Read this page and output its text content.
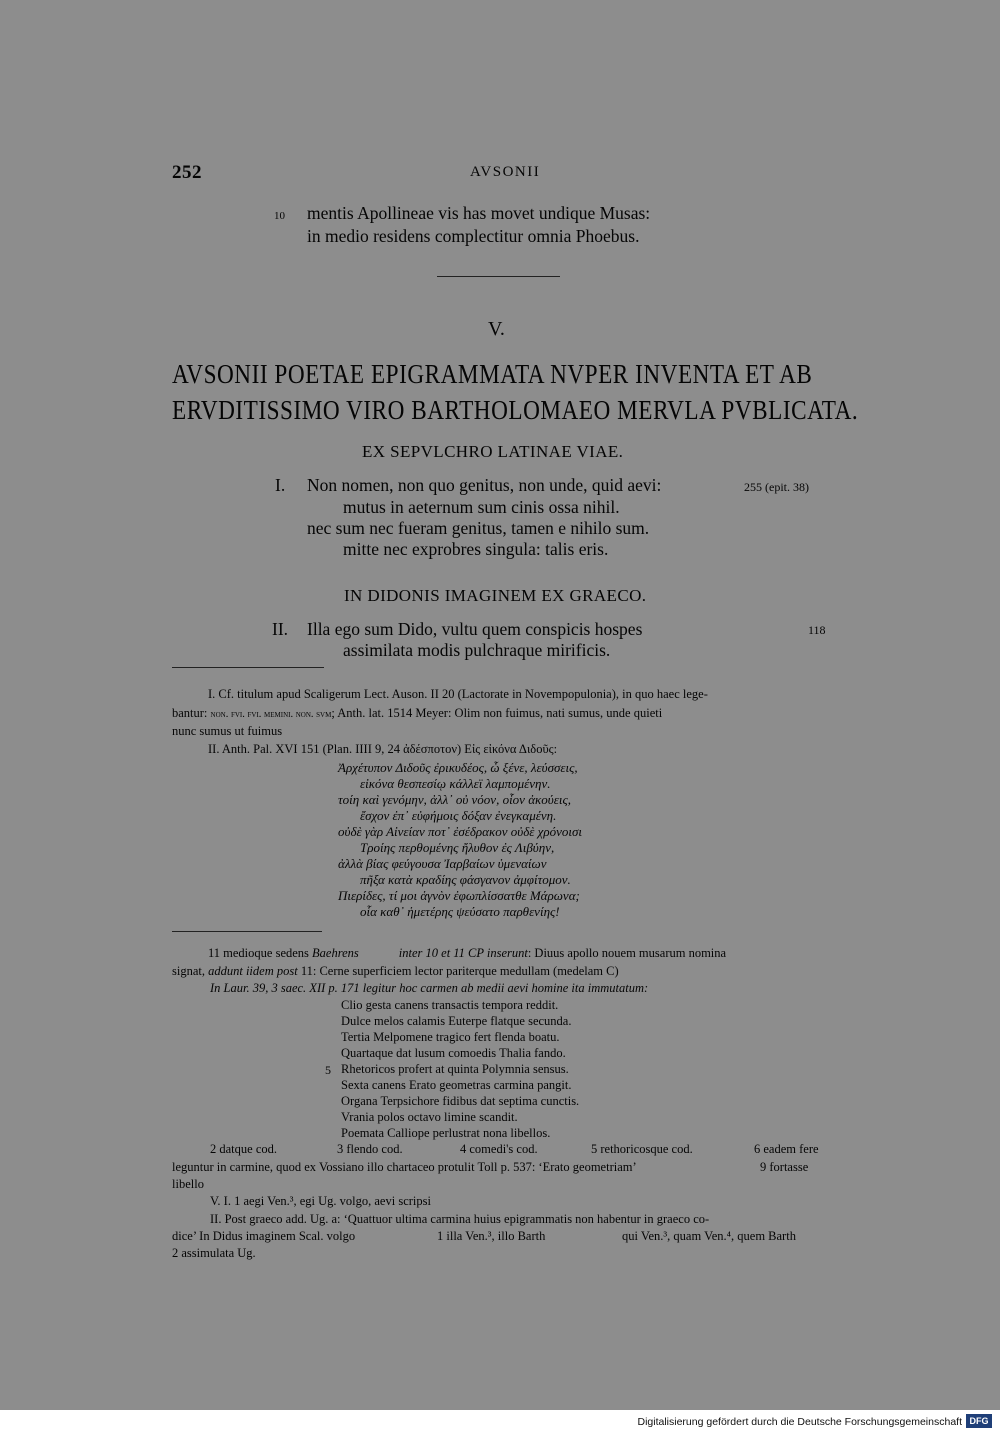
252	AVSONII
10 mentis Apollineae vis has movet undique Musas:
in medio residens complectitur omnia Phoebus.
V.
AVSONII POETAE EPIGRAMMATA NVPER INVENTA ET AB
ERVDITISSIMO VIRO BARTHOLOMAEO MERVLA PVBLICATA.
EX SEPVLCHRO LATINAE VIAE.
I. Non nomen, non quo genitus, non unde, quid aevi:	255 (epit. 38)
mutus in aeternum sum cinis ossa nihil.
nec sum nec fueram genitus, tamen e nihilo sum.
mitte nec exprobres singula: talis eris.
IN DIDONIS IMAGINEM EX GRAECO.
II. Illa ego sum Dido, vultu quem conspicis hospes	118
assimilata modis pulchraque mirificis.
I. Cf. titulum apud Scaligerum Lect. Auson. II 20 (Lactorate in Novempopulonia), in quo haec lege-
bantur: non. fvi. fvi. memini. non. svm; Anth. lat. 1514 Meyer: Olim non fuimus, nati sumus, unde quieti
nunc sumus ut fuimus
II. Anth. Pal. XVI 151 (Plan. IIII 9, 24 ἀδέσποτον) Εἰς εἰκόνα Διδοῦς:
Ἀρχέτυπον Διδοῦς ἐρικυδέος, ὦ ξένε, λεύσσεις,
εἰκόνα θεσπεσίῳ κάλλεϊ λαμπομένην.
τοίη καὶ γενόμην, ἀλλ᾽ οὐ νόον, οἷον ἀκούεις,
ἔσχον ἐπ᾽ εὐφήμοις δόξαν ἐνεγκαμένη.
οὐδὲ γὰρ Αἰνείαν ποτ᾽ ἐσέδρακον οὐδὲ χρόνοισι
Τροίης περθομένης ἤλυθον ἐς Λιβύην,
ἀλλὰ βίας φεύγουσα Ἰαρβαίων ὑμεναίων
πῆξα κατὰ κραδίης φάσγανον ἀμφίτομον.
Πιερίδες, τί μοι ἁγνὸν ἐφωπλίσσατθε Μάρωνα;
οἷα καθ᾽ ἡμετέρης ψεύσατο παρθενίης!
11 medioque sedens Baehrens	inter 10 et 11 CP inserunt: Diuus apollo nouem musarum nomina
signat, addunt iidem post 11: Cerne superficiem lector pariterque medullam (medelam C)
In Laur. 39, 3 saec. XII p. 171 legitur hoc carmen ab medii aevi homine ita immutatum:
Clio gesta canens transactis tempora reddit.
Dulce melos calamis Euterpe flatque secunda.
Tertia Melpomene tragico fert flenda boatu.
Quartaque dat lusum comoedis Thalia fando.
5 Rhetoricos profert at quinta Polymnia sensus.
Sexta canens Erato geometras carmina pangit.
Organa Terpsichore fidibus dat septima cunctis.
Vrania polos octavo limine scandit.
Poemata Calliope perlustrat nona libellos.
2 datque cod.	3 flendo cod.	4 comedi's cod.	5 rethoricosque cod.	6 eadem fere
leguntur in carmine, quod ex Vossiano illo chartaceo protulit Toll p. 537: ‘Erato geometriam’	9 fortasse
libello
V. I. 1 aegi Ven.³, egi Ug. volgo, aevi scripsi
II. Post graeco add. Ug. a: ‘Quattuor ultima carmina huius epigrammatis non habentur in graeco co-
dice’ In Didus imaginem Scal. volgo	1 illa Ven.³, illo Barth	qui Ven.³, quam Ven.⁴, quem Barth
2 assimulata Ug.
Digitalisierung gefördert durch die Deutsche Forschungsgemeinschaft DFG
